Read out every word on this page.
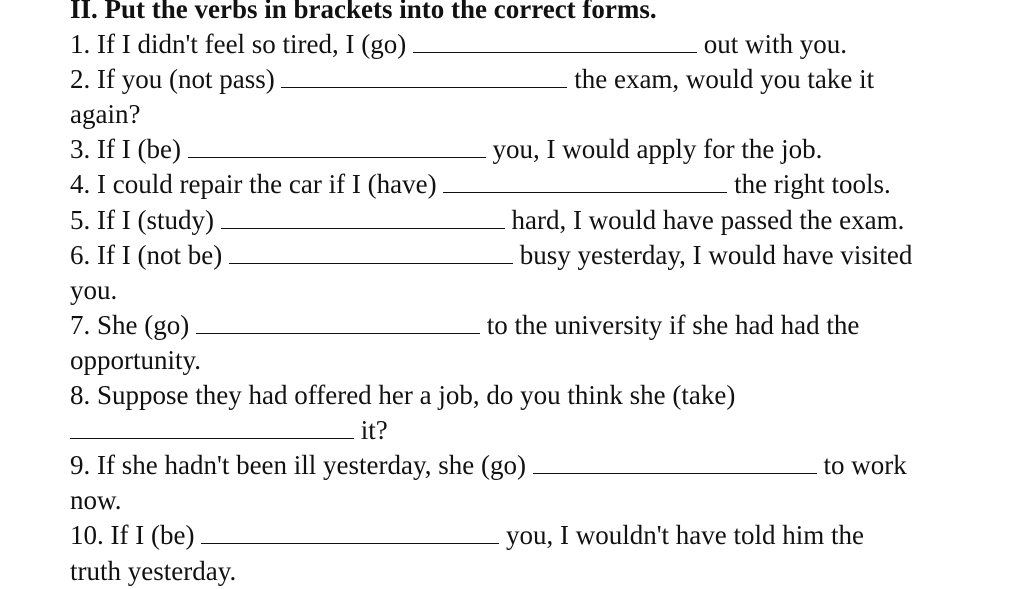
II. Put the verbs in brackets into the correct forms.
1. If I didn't feel so tired, I (go)	out with you.
2. If you (not pass)	the exam, would you take it
again?
3. If I (be)	you, I would apply for the job.
4. I could repair the car if I (have)	the right tools.
5. If I (study)	hard, I would have passed the exam.
6. If I (not be)	busy yesterday, I would have visited
you.
7. She (go)	to the university if she had had the
opportunity.
8. Suppose they had offered her a job, do you think she (take)
it?
9. If she hadn't been ill yesterday, she (go)	to work
now.
10. If I (be)	you, I wouldn't have told him the
truth yesterday.
